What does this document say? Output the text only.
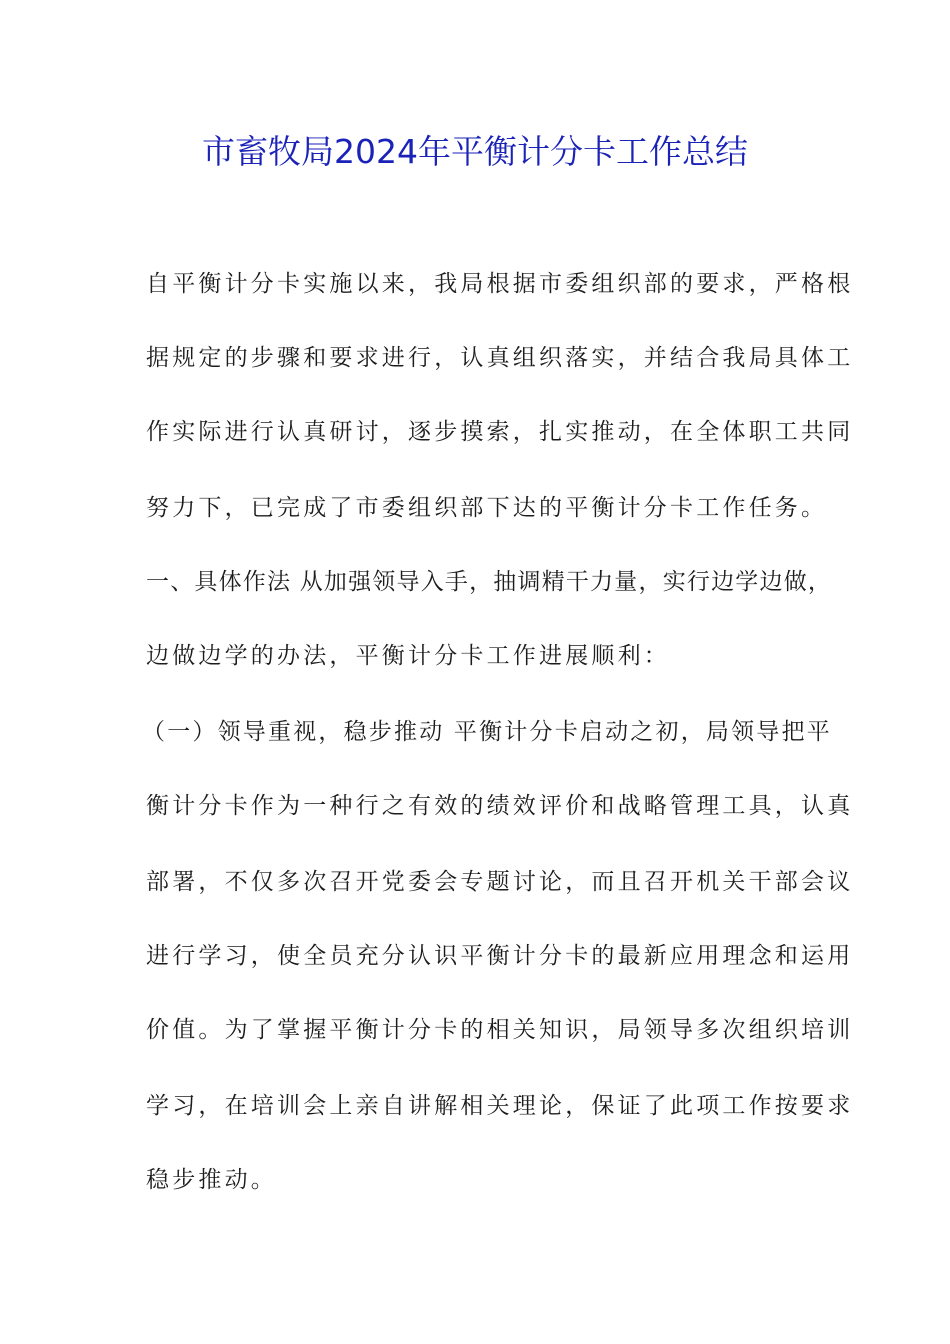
市畜牧局2024年平衡计分卡工作总结
自平衡计分卡实施以来，我局根据市委组织部的要求，严格根
据规定的步骤和要求进行，认真组织落实，并结合我局具体工
作实际进行认真研讨，逐步摸索，扎实推动，在全体职工共同
努力下，已完成了市委组织部下达的平衡计分卡工作任务。
一、具体作法 从加强领导入手，抽调精干力量，实行边学边做，
边做边学的办法，平衡计分卡工作进展顺利：
（一）领导重视，稳步推动 平衡计分卡启动之初，局领导把平
衡计分卡作为一种行之有效的绩效评价和战略管理工具，认真
部署，不仅多次召开党委会专题讨论，而且召开机关干部会议
进行学习，使全员充分认识平衡计分卡的最新应用理念和运用
价值。为了掌握平衡计分卡的相关知识，局领导多次组织培训
学习，在培训会上亲自讲解相关理论，保证了此项工作按要求
稳步推动。
